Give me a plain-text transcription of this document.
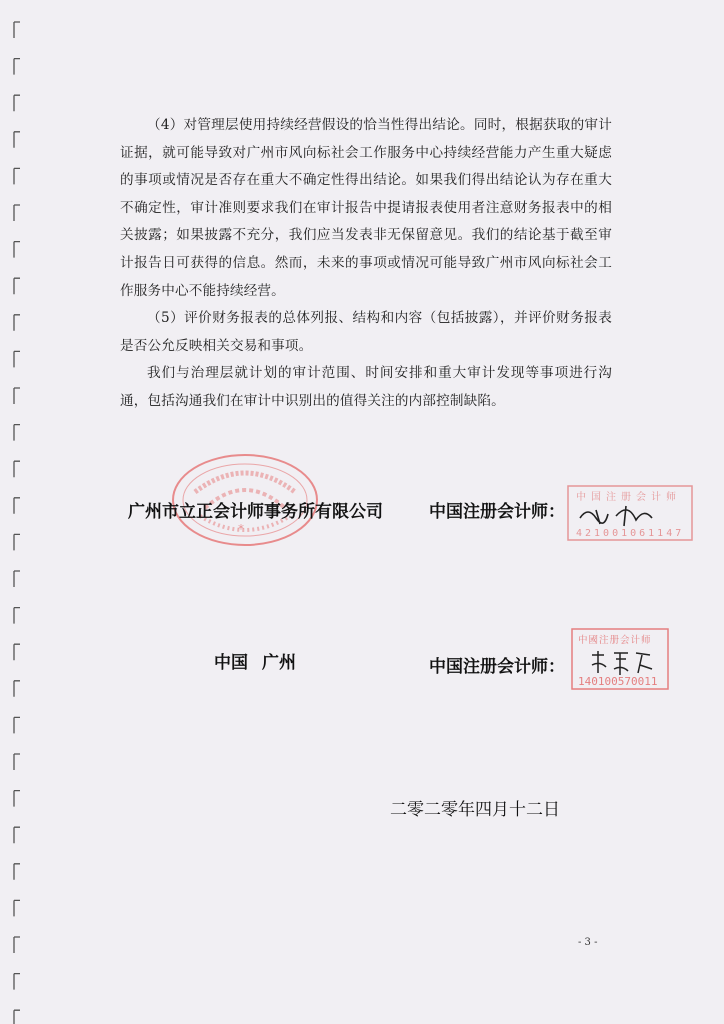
（4）对管理层使用持续经营假设的恰当性得出结论。同时，根据获取的审计证据，就可能导致对广州市风向标社会工作服务中心持续经营能力产生重大疑虑的事项或情况是否存在重大不确定性得出结论。如果我们得出结论认为存在重大不确定性，审计准则要求我们在审计报告中提请报表使用者注意财务报表中的相关披露；如果披露不充分，我们应当发表非无保留意见。我们的结论基于截至审计报告日可获得的信息。然而，未来的事项或情况可能导致广州市风向标社会工作服务中心不能持续经营。

（5）评价财务报表的总体列报、结构和内容（包括披露），并评价财务报表是否公允反映相关交易和事项。

我们与治理层就计划的审计范围、时间安排和重大审计发现等事项进行沟通，包括沟通我们在审计中识别出的值得关注的内部控制缺陷。

*
中国注册会计师
421001061147
中國注册会计师
140100570011
广州市立正会计师事务所有限公司	中国注册会计师：
中国 广州	中国注册会计师：
二零二零年四月十二日
- 3 -
